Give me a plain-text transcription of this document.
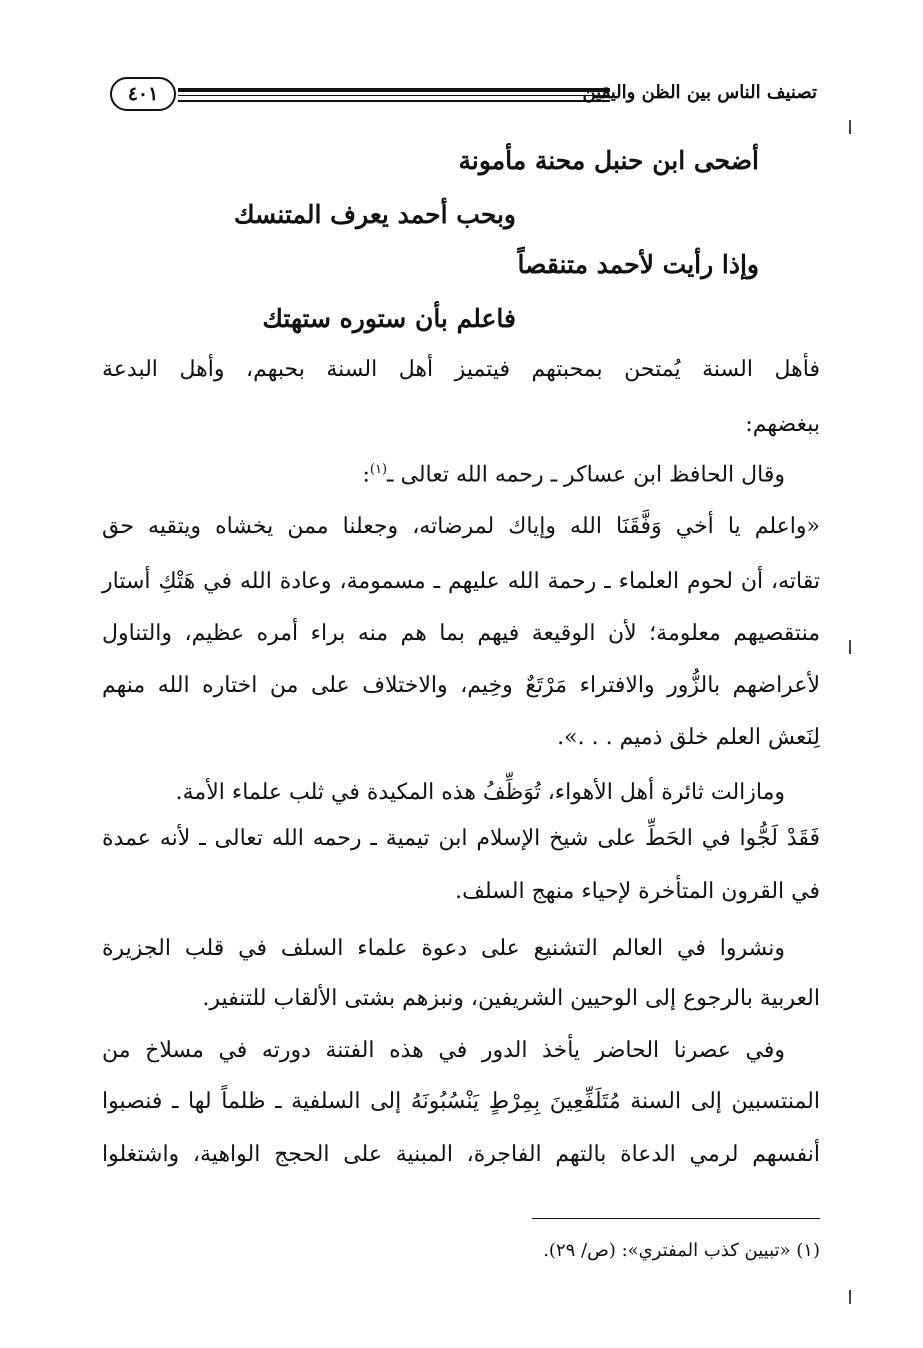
تصنيف الناس بين الظن واليقين
٤٠١
أضحى ابن حنبل محنة مأمونة
وبحب أحمد يعرف المتنسك
وإذا رأيت لأحمد متنقصاً
فاعلم بأن ستوره ستهتك
فأهل السنة يُمتحن بمحبتهم فيتميز أهل السنة بحبهم، وأهل البدعة
ببغضهم:
وقال الحافظ ابن عساكر ـ رحمه الله تعالى ـ$^{(١)}$:
«واعلم يا أخي وَفَّقَنَا الله وإياك لمرضاته، وجعلنا ممن يخشاه ويتقيه حق
تقاته، أن لحوم العلماء ـ رحمة الله عليهم ـ مسمومة، وعادة الله في هَتْكِ أستار
منتقصيهم معلومة؛ لأن الوقيعة فيهم بما هم منه براء أمره عظيم، والتناول
لأعراضهم بالزُّور والافتراء مَرْتَعٌ وخِيم، والاختلاف على من اختاره الله منهم
لِنَعش العلم خلق ذميم . . .».
ومازالت ثائرة أهل الأهواء، تُوَظِّفُ هذه المكيدة في ثلب علماء الأمة.
فَقَدْ لَجُّوا في الحَطِّ على شيخ الإسلام ابن تيمية ـ رحمه الله تعالى ـ لأنه عمدة
في القرون المتأخرة لإحياء منهج السلف.
ونشروا في العالم التشنيع على دعوة علماء السلف في قلب الجزيرة
العربية بالرجوع إلى الوحيين الشريفين، ونبزهم بشتى الألقاب للتنفير.
وفي عصرنا الحاضر يأخذ الدور في هذه الفتنة دورته في مسلاخ من
المنتسبين إلى السنة مُتَلَفِّعِينَ بِمِرْطٍ يَنْسُبُونَهُ إلى السلفية ـ ظلماً لها ـ فنصبوا
أنفسهم لرمي الدعاة بالتهم الفاجرة، المبنية على الحجج الواهية، واشتغلوا
(١) «تبيين كذب المفتري»: (ص/ ٢٩).
